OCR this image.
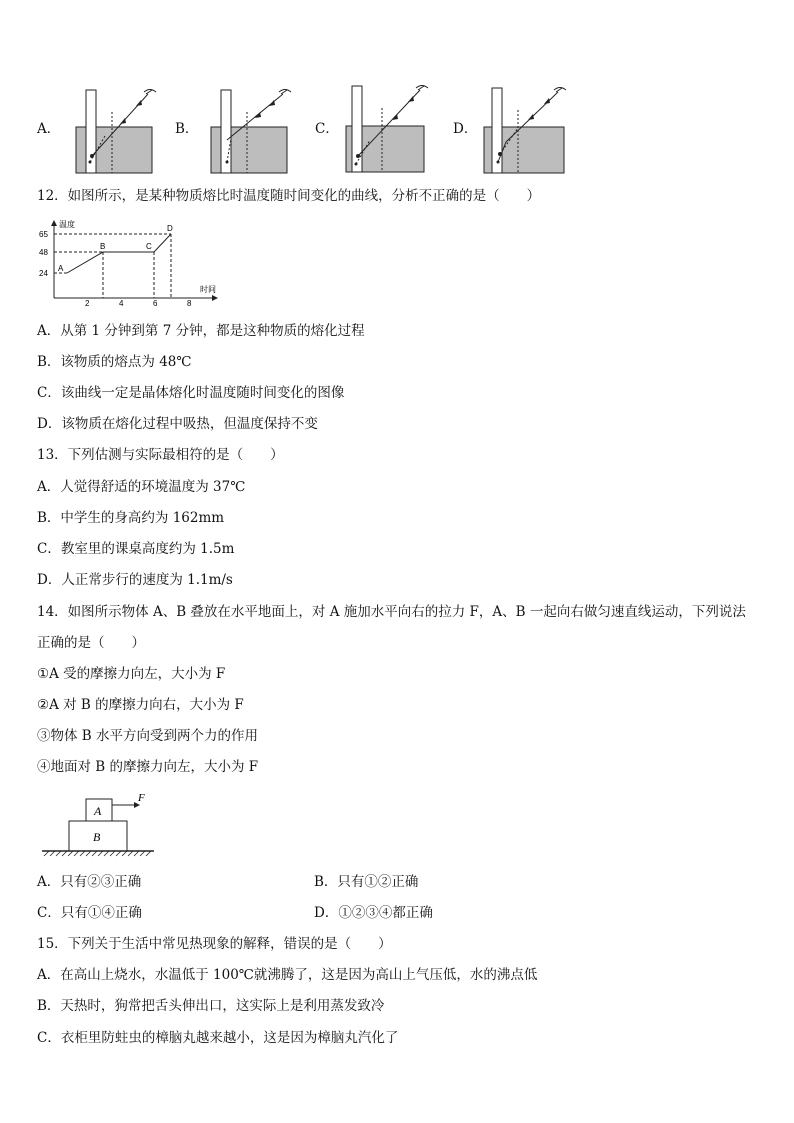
A．	B．	C．	D．
12．如图所示，是某种物质熔比时温度随时间变化的曲线，分析不正确的是（　　）
温度
时间
65
48
24
2	4	6	8
A
B	C
D
A．从第 1 分钟到第 7 分钟，都是这种物质的熔化过程
B．该物质的熔点为 48℃
C．该曲线一定是晶体熔化时温度随时间变化的图像
D．该物质在熔化过程中吸热，但温度保持不变
13．下列估测与实际最相符的是（　　）
A．人觉得舒适的环境温度为 37℃
B．中学生的身高约为 162mm
C．教室里的课桌高度约为 1.5m
D．人正常步行的速度为 1.1m/s
14．如图所示物体 A、B 叠放在水平地面上，对 A 施加水平向右的拉力 F，A、B 一起向右做匀速直线运动，下列说法
正确的是（　　）
①A 受的摩擦力向左，大小为 F
②A 对 B 的摩擦力向右，大小为 F
③物体 B 水平方向受到两个力的作用
④地面对 B 的摩擦力向左，大小为 F
A
B
F
A．只有②③正确	B．只有①②正确
C．只有①④正确	D．①②③④都正确
15．下列关于生活中常见热现象的解释，错误的是（　　）
A．在高山上烧水，水温低于 100℃就沸腾了，这是因为高山上气压低，水的沸点低
B．天热时，狗常把舌头伸出口，这实际上是利用蒸发致冷
C．衣柜里防蛀虫的樟脑丸越来越小，这是因为樟脑丸汽化了
